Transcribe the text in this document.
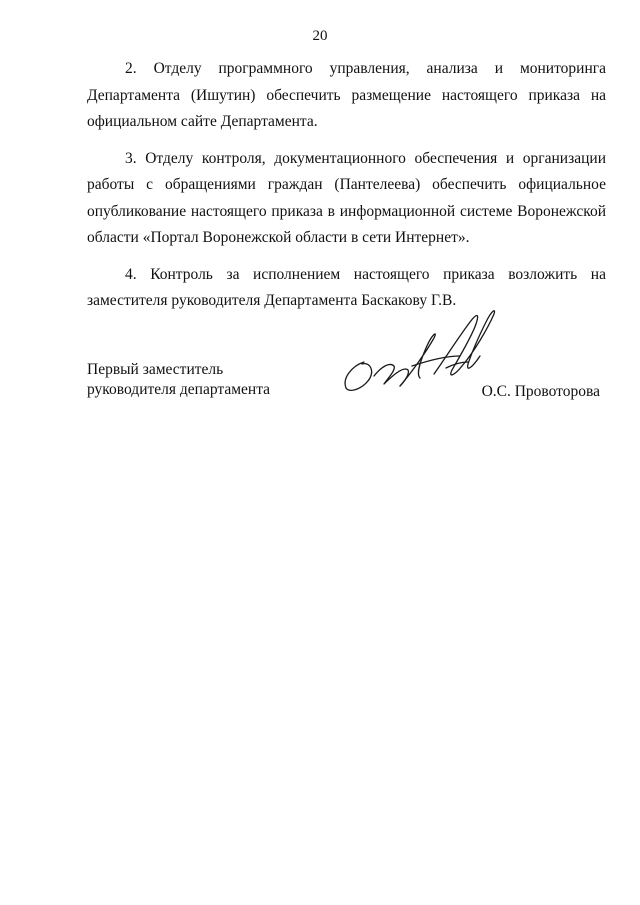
20

2. Отделу программного управления, анализа и мониторинга Департамента (Ишутин) обеспечить размещение настоящего приказа на официальном сайте Департамента.

3. Отделу контроля, документационного обеспечения и организации работы с обращениями граждан (Пантелеева) обеспечить официальное опубликование настоящего приказа в информационной системе Воронежской области «Портал Воронежской области в сети Интернет».

4. Контроль за исполнением настоящего приказа возложить на заместителя руководителя Департамента Баскакову Г.В.

Первый заместитель
руководителя департамента	О.С. Провоторова
